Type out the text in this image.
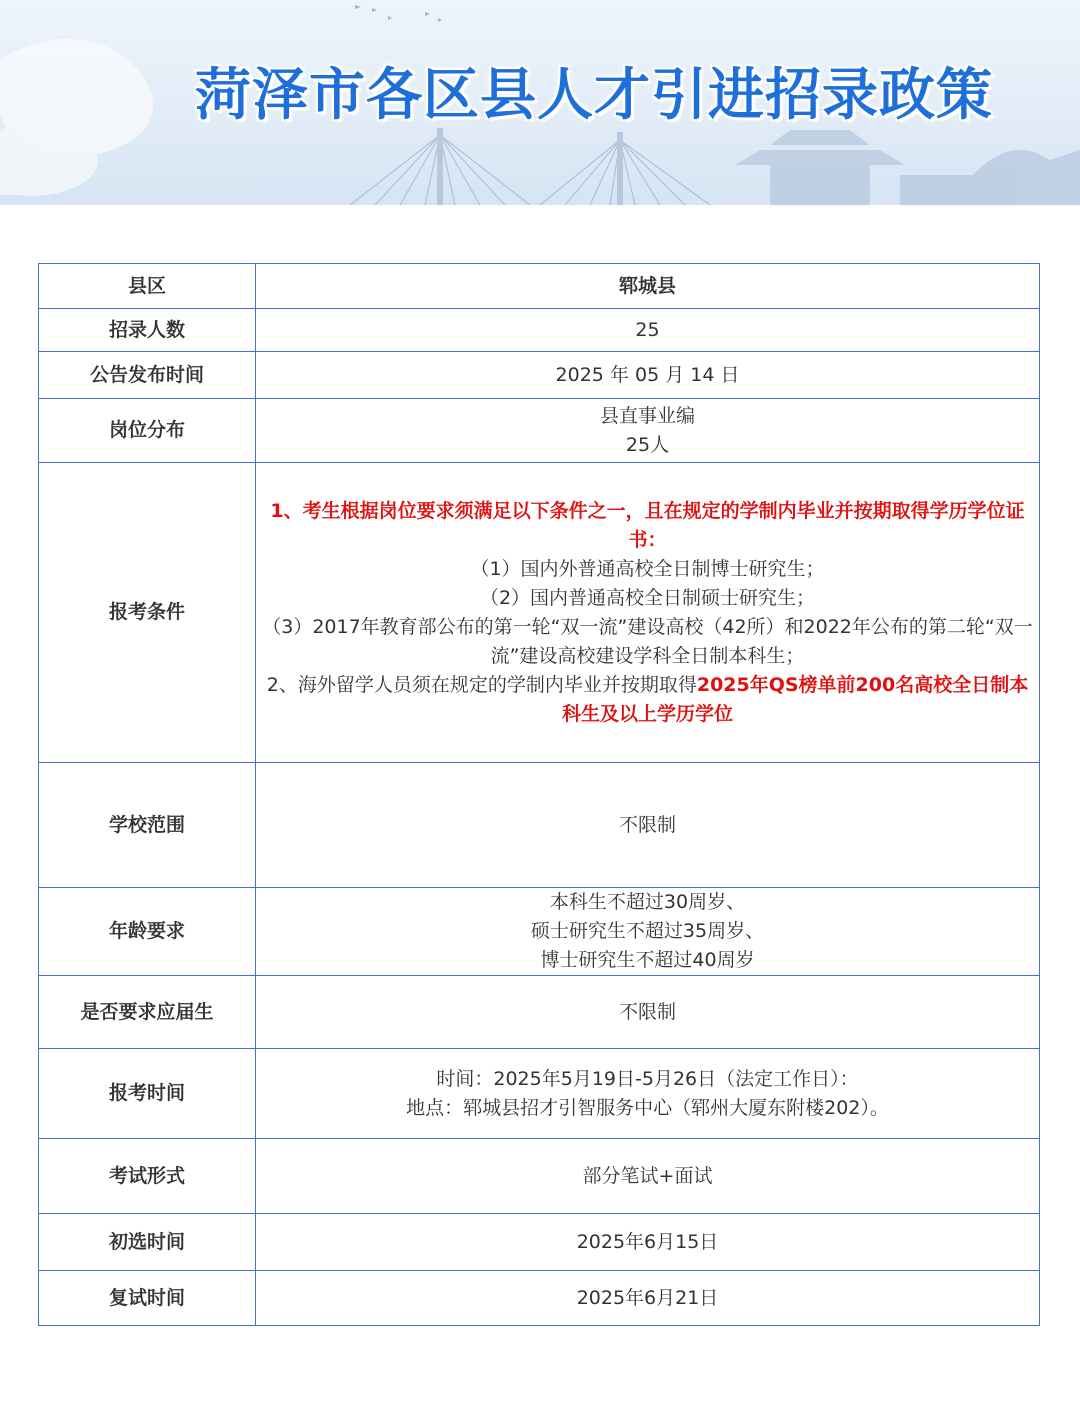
菏泽市各区县人才引进招录政策
县区	郓城县
招录人数	25
公告发布时间	2025 年 05 月 14 日
岗位分布	县直事业编
25人

报考条件	1、考生根据岗位要求须满足以下条件之一，且在规定的学制内毕业并按期取得学历学位证书：
（1）国内外普通高校全日制博士研究生；
（2）国内普通高校全日制硕士研究生；
（3）2017年教育部公布的第一轮“双一流”建设高校（42所）和2022年公布的第二轮“双一流”建设高校建设学科全日制本科生；
2、海外留学人员须在规定的学制内毕业并按期取得2025年QS榜单前200名高校全日制本科生及以上学历学位

学校范围	不限制
年龄要求	本科生不超过30周岁、
硕士研究生不超过35周岁、
博士研究生不超过40周岁

是否要求应届生	不限制
报考时间	时间：2025年5月19日-5月26日（法定工作日）：
地点：郓城县招才引智服务中心（郓州大厦东附楼202）。

考试形式	部分笔试+面试
初选时间	2025年6月15日
复试时间	2025年6月21日
